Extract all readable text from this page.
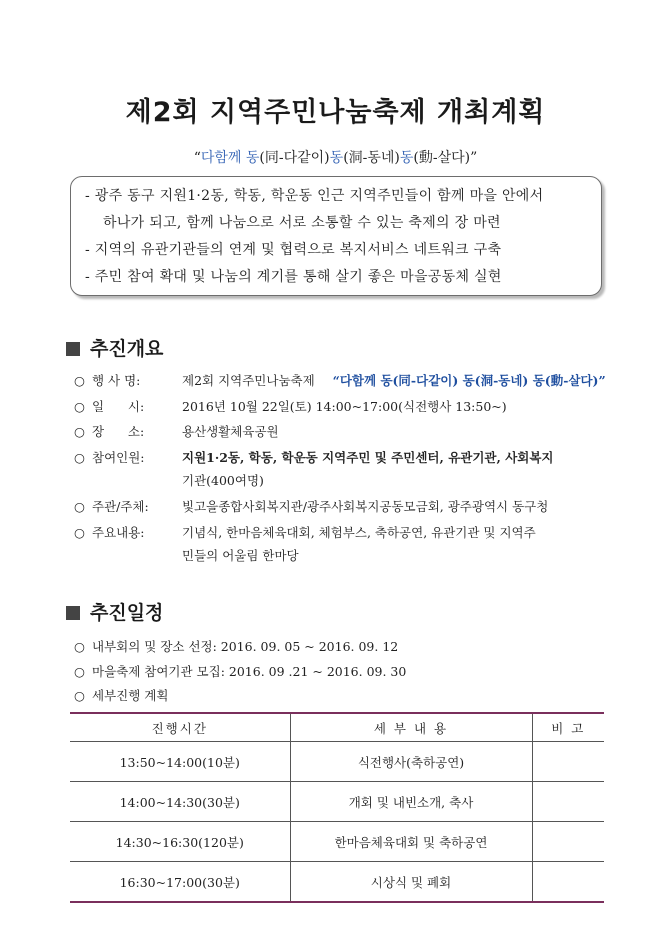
제2회 지역주민나눔축제 개최계획
“다함께 동(同-다같이)동(洞-동네)동(動-살다)”
- 광주 동구 지원1·2동, 학동, 학운동 인근 지역주민들이 함께 마을 안에서
하나가 되고, 함께 나눔으로 서로 소통할 수 있는 축제의 장 마련
- 지역의 유관기관들의 연계 및 협력으로 복지서비스 네트워크 구축
- 주민 참여 확대 및 나눔의 계기를 통해 살기 좋은 마을공동체 실현
추진개요
○ 행 사 명:	제2회 지역주민나눔축제 “다함께 동(同-다같이) 동(洞-동네) 동(動-살다)”
○ 일      시:	2016년 10월 22일(토) 14:00~17:00(식전행사 13:50~)
○ 장      소:	용산생활체육공원
○ 참여인원:	지원1·2동, 학동, 학운동 지역주민 및 주민센터, 유관기관, 사회복지
기관(400여명)
○ 주관/주체:	빛고을종합사회복지관/광주사회복지공동모금회, 광주광역시 동구청
○ 주요내용:	기념식, 한마음체육대회, 체험부스, 축하공연, 유관기관 및 지역주
민들의 어울림 한마당
추진일정
○ 내부회의 및 장소 선정: 2016. 09. 05 ~ 2016. 09. 12
○ 마을축제 참여기관 모집: 2016. 09 .21 ~ 2016. 09. 30
○ 세부진행 계획
진행시간	세 부 내 용	비 고
13:50~14:00(10분)	식전행사(축하공연)	
14:00~14:30(30분)	개회 및 내빈소개, 축사	
14:30~16:30(120분)	한마음체육대회 및 축하공연	
16:30~17:00(30분)	시상식 및 폐회	
